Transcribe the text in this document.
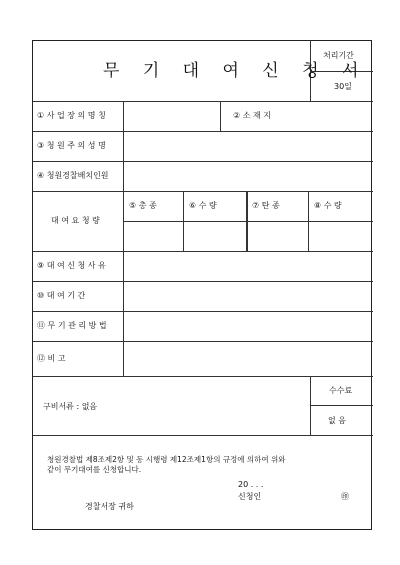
무 기 대 여 신 청 서
처리기간
30일
① 사 업 장 의 명 칭	② 소 재 지
③ 청 원 주 의 성 명
④ 청원경찰배치인원
대 여 요 청 량
⑤ 총 종	⑥ 수 량	⑦ 탄 종	⑧ 수 량
⑨ 대 여 신 청 사 유
⑩ 대 여 기 간
⑪ 무 기 관 리 방 법
⑫ 비 고
구비서류 : 없음
수수료
없 음
청원경찰법 제8조제2항 및 동 시행령 제12조제1항의 규정에 의하여 위와
같이 무기대여를 신청합니다.
20 . . .
신청인	㊞
경찰서장 귀하
